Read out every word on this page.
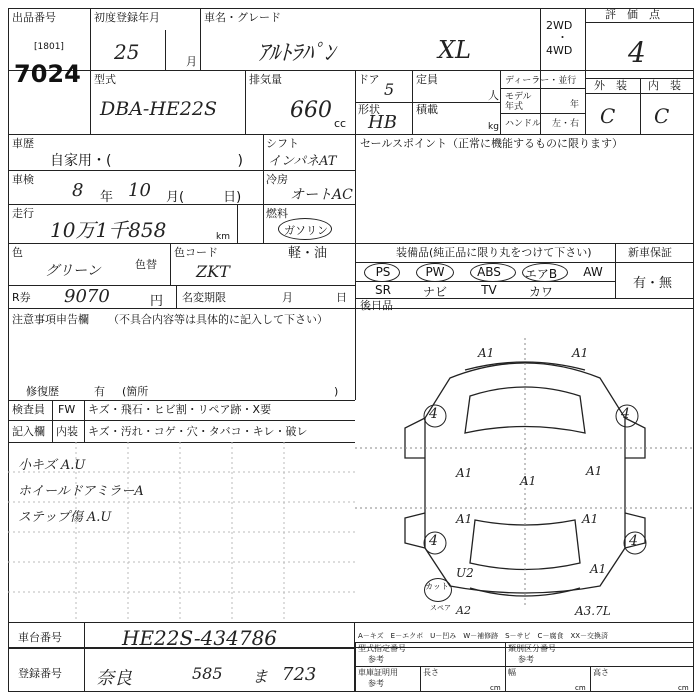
出品番号
[1801]
7024
初度登録年月
25	月
車名・グレード
ｱﾙﾄﾗﾊﾟﾝ	XL
2WD
・
4WD
評　価　点
4
型式
DBA-HE22S
排気量
660
cc
ドア
5
形状
HB
定員
人
積載
kg
ディーラー・並行
モデル
年式	年
ハンドル 左・右
外　装 内　装
C C
車歴
自家用・(　　　　　　　　　)
シフト
インパネAT
車検
8 年 10 月(　　　日)
冷房
オートAC
走行
10万1千858	km
燃料
ガソリン
軽・油
色
グリーン	色替
色コード
ZKT
R券 9070	円 名変期限	月	日
セールスポイント（正常に機能するものに限ります）
装備品(純正品に限り丸をつけて下さい)	新車保証
有・無
PS	PW	ABS	エアB	AW
SR	ナビ	TV	カワ
後日品
注意事項申告欄 （不具合内容等は具体的に記入して下さい）
修復歴	有 (箇所	)
検査員
記入欄
FW キズ・飛石・ヒビ割・リペア跡・X要
内装 キズ・汚れ・コゲ・穴・タバコ・キレ・破レ
小キズ A.U
ホイールドアミラーA
ステップ傷 A.U
A1	A1
4	4
4	4
A1
A1
A1
A1	A1
A1
U2
カット
スペア A2	A3.7L
A－キズ　E－エクボ　U－凹み　W－補修跡　S－サビ　C－腐食　XX－交換済
車台番号	HE22S-434786
登録番号 奈良	585 ま 723
型式指定番号
参考
類別区分番号
参考
車庫証明用
参考
長さ	幅	高さ
cm	cm	cm
